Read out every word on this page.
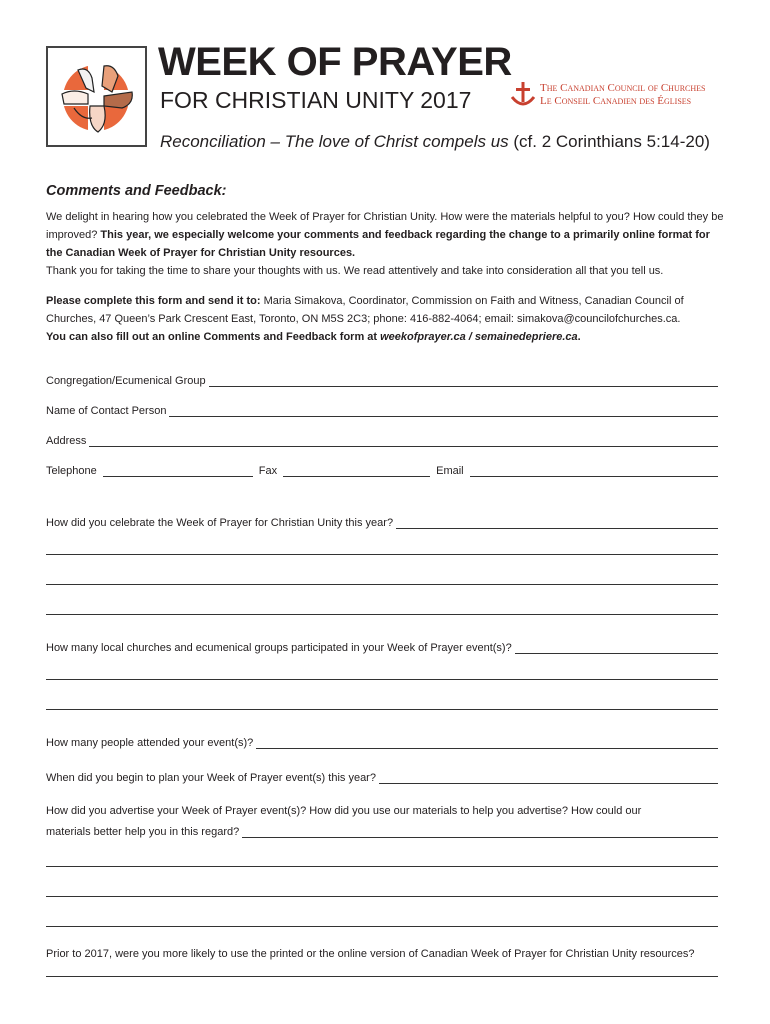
WEEK OF PRAYER
FOR CHRISTIAN UNITY 2017	The Canadian Council of Churches
Le Conseil Canadien des Églises
Reconciliation – The love of Christ compels us (cf. 2 Corinthians 5:14-20)
Comments and Feedback:
We delight in hearing how you celebrated the Week of Prayer for Christian Unity. How were the materials helpful to you? How could they be improved? This year, we especially welcome your comments and feedback regarding the change to a primarily online format for the Canadian Week of Prayer for Christian Unity resources.
Thank you for taking the time to share your thoughts with us. We read attentively and take into consideration all that you tell us.
Please complete this form and send it to: Maria Simakova, Coordinator, Commission on Faith and Witness, Canadian Council of Churches, 47 Queen’s Park Crescent East, Toronto, ON M5S 2C3; phone: 416-882-4064; email: simakova@councilofchurches.ca.
You can also fill out an online Comments and Feedback form at weekofprayer.ca / semainedepriere.ca.
Congregation/Ecumenical Group
Name of Contact Person
Address
Telephone	Fax	Email
How did you celebrate the Week of Prayer for Christian Unity this year?
How many local churches and ecumenical groups participated in your Week of Prayer event(s)?
How many people attended your event(s)?
When did you begin to plan your Week of Prayer event(s) this year?
How did you advertise your Week of Prayer event(s)? How did you use our materials to help you advertise? How could our
materials better help you in this regard?
Prior to 2017, were you more likely to use the printed or the online version of Canadian Week of Prayer for Christian Unity resources?
